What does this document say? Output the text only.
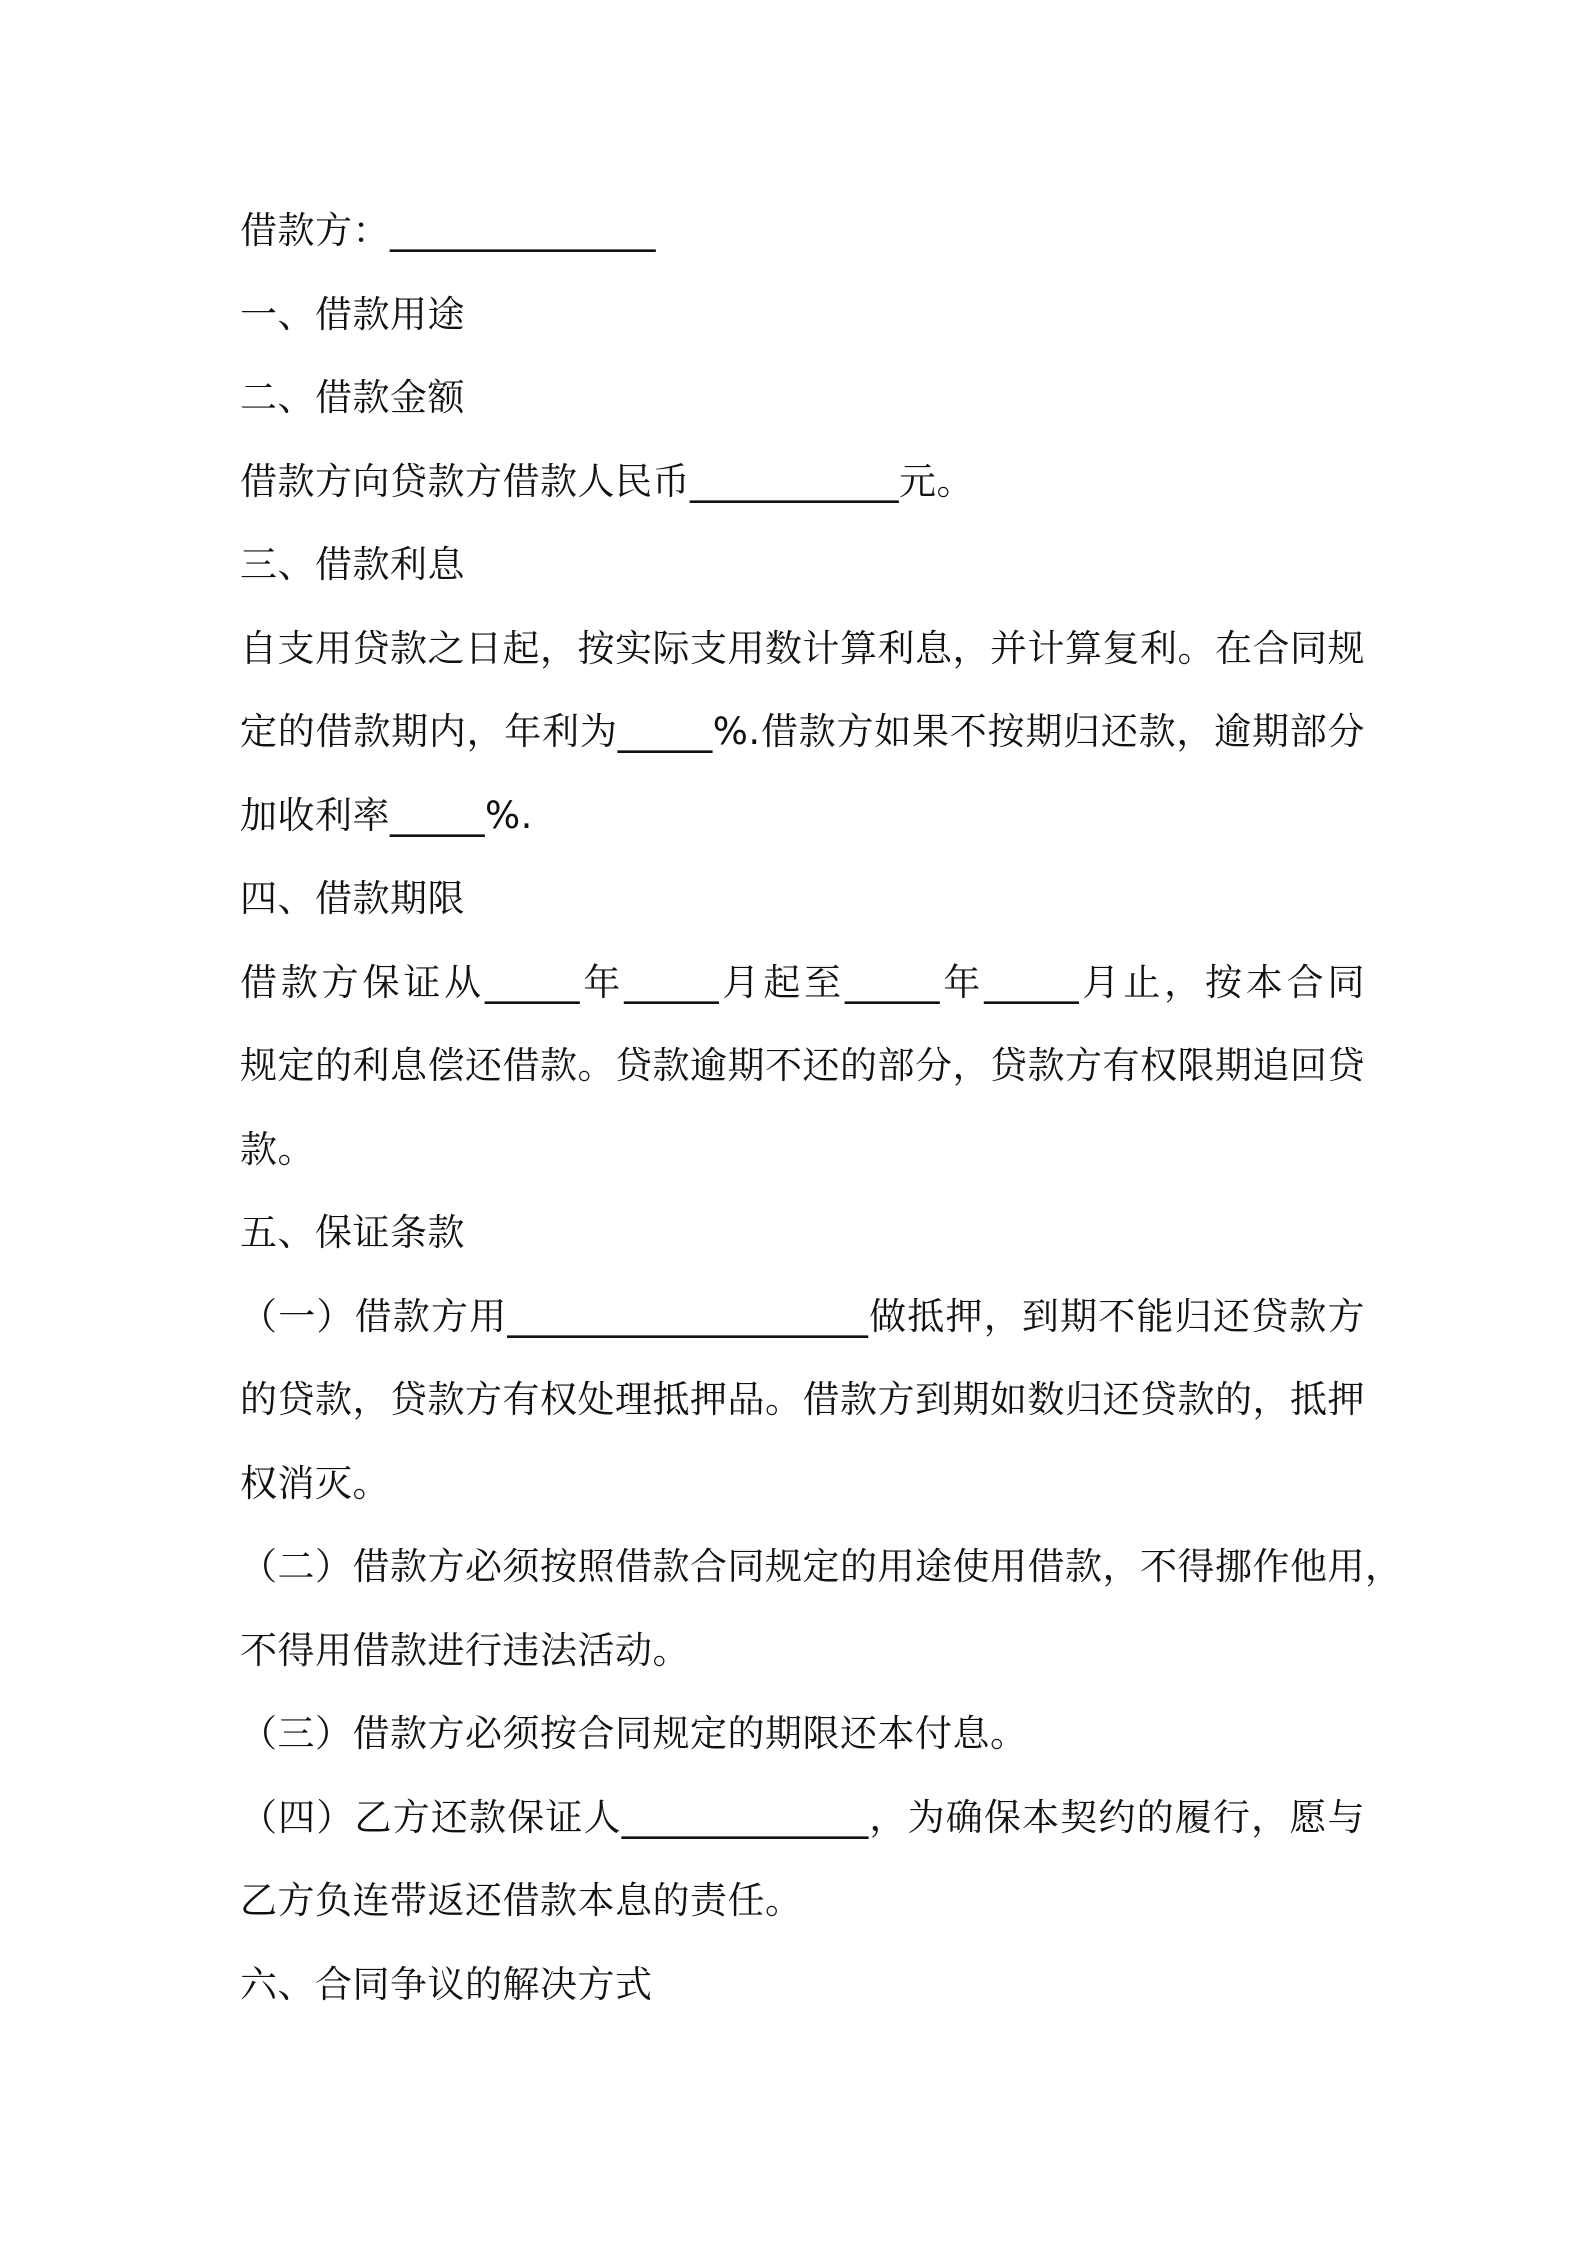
借款方：______________
一、借款用途
二、借款金额
借款方向贷款方借款人民币___________元。
三、借款利息
自支用贷款之日起，按实际支用数计算利息，并计算复利。在合同规
定的借款期内，年利为_____%.借款方如果不按期归还款，逾期部分
加收利率_____%.
四、借款期限
借款方保证从_____年_____月起至_____年_____月止，按本合同
规定的利息偿还借款。贷款逾期不还的部分，贷款方有权限期追回贷
款。
五、保证条款
（一）借款方用___________________做抵押，到期不能归还贷款方
的贷款，贷款方有权处理抵押品。借款方到期如数归还贷款的，抵押
权消灭。
（二）借款方必须按照借款合同规定的用途使用借款，不得挪作他用，
不得用借款进行违法活动。
（三）借款方必须按合同规定的期限还本付息。
（四）乙方还款保证人_____________，为确保本契约的履行，愿与
乙方负连带返还借款本息的责任。
六、合同争议的解决方式
